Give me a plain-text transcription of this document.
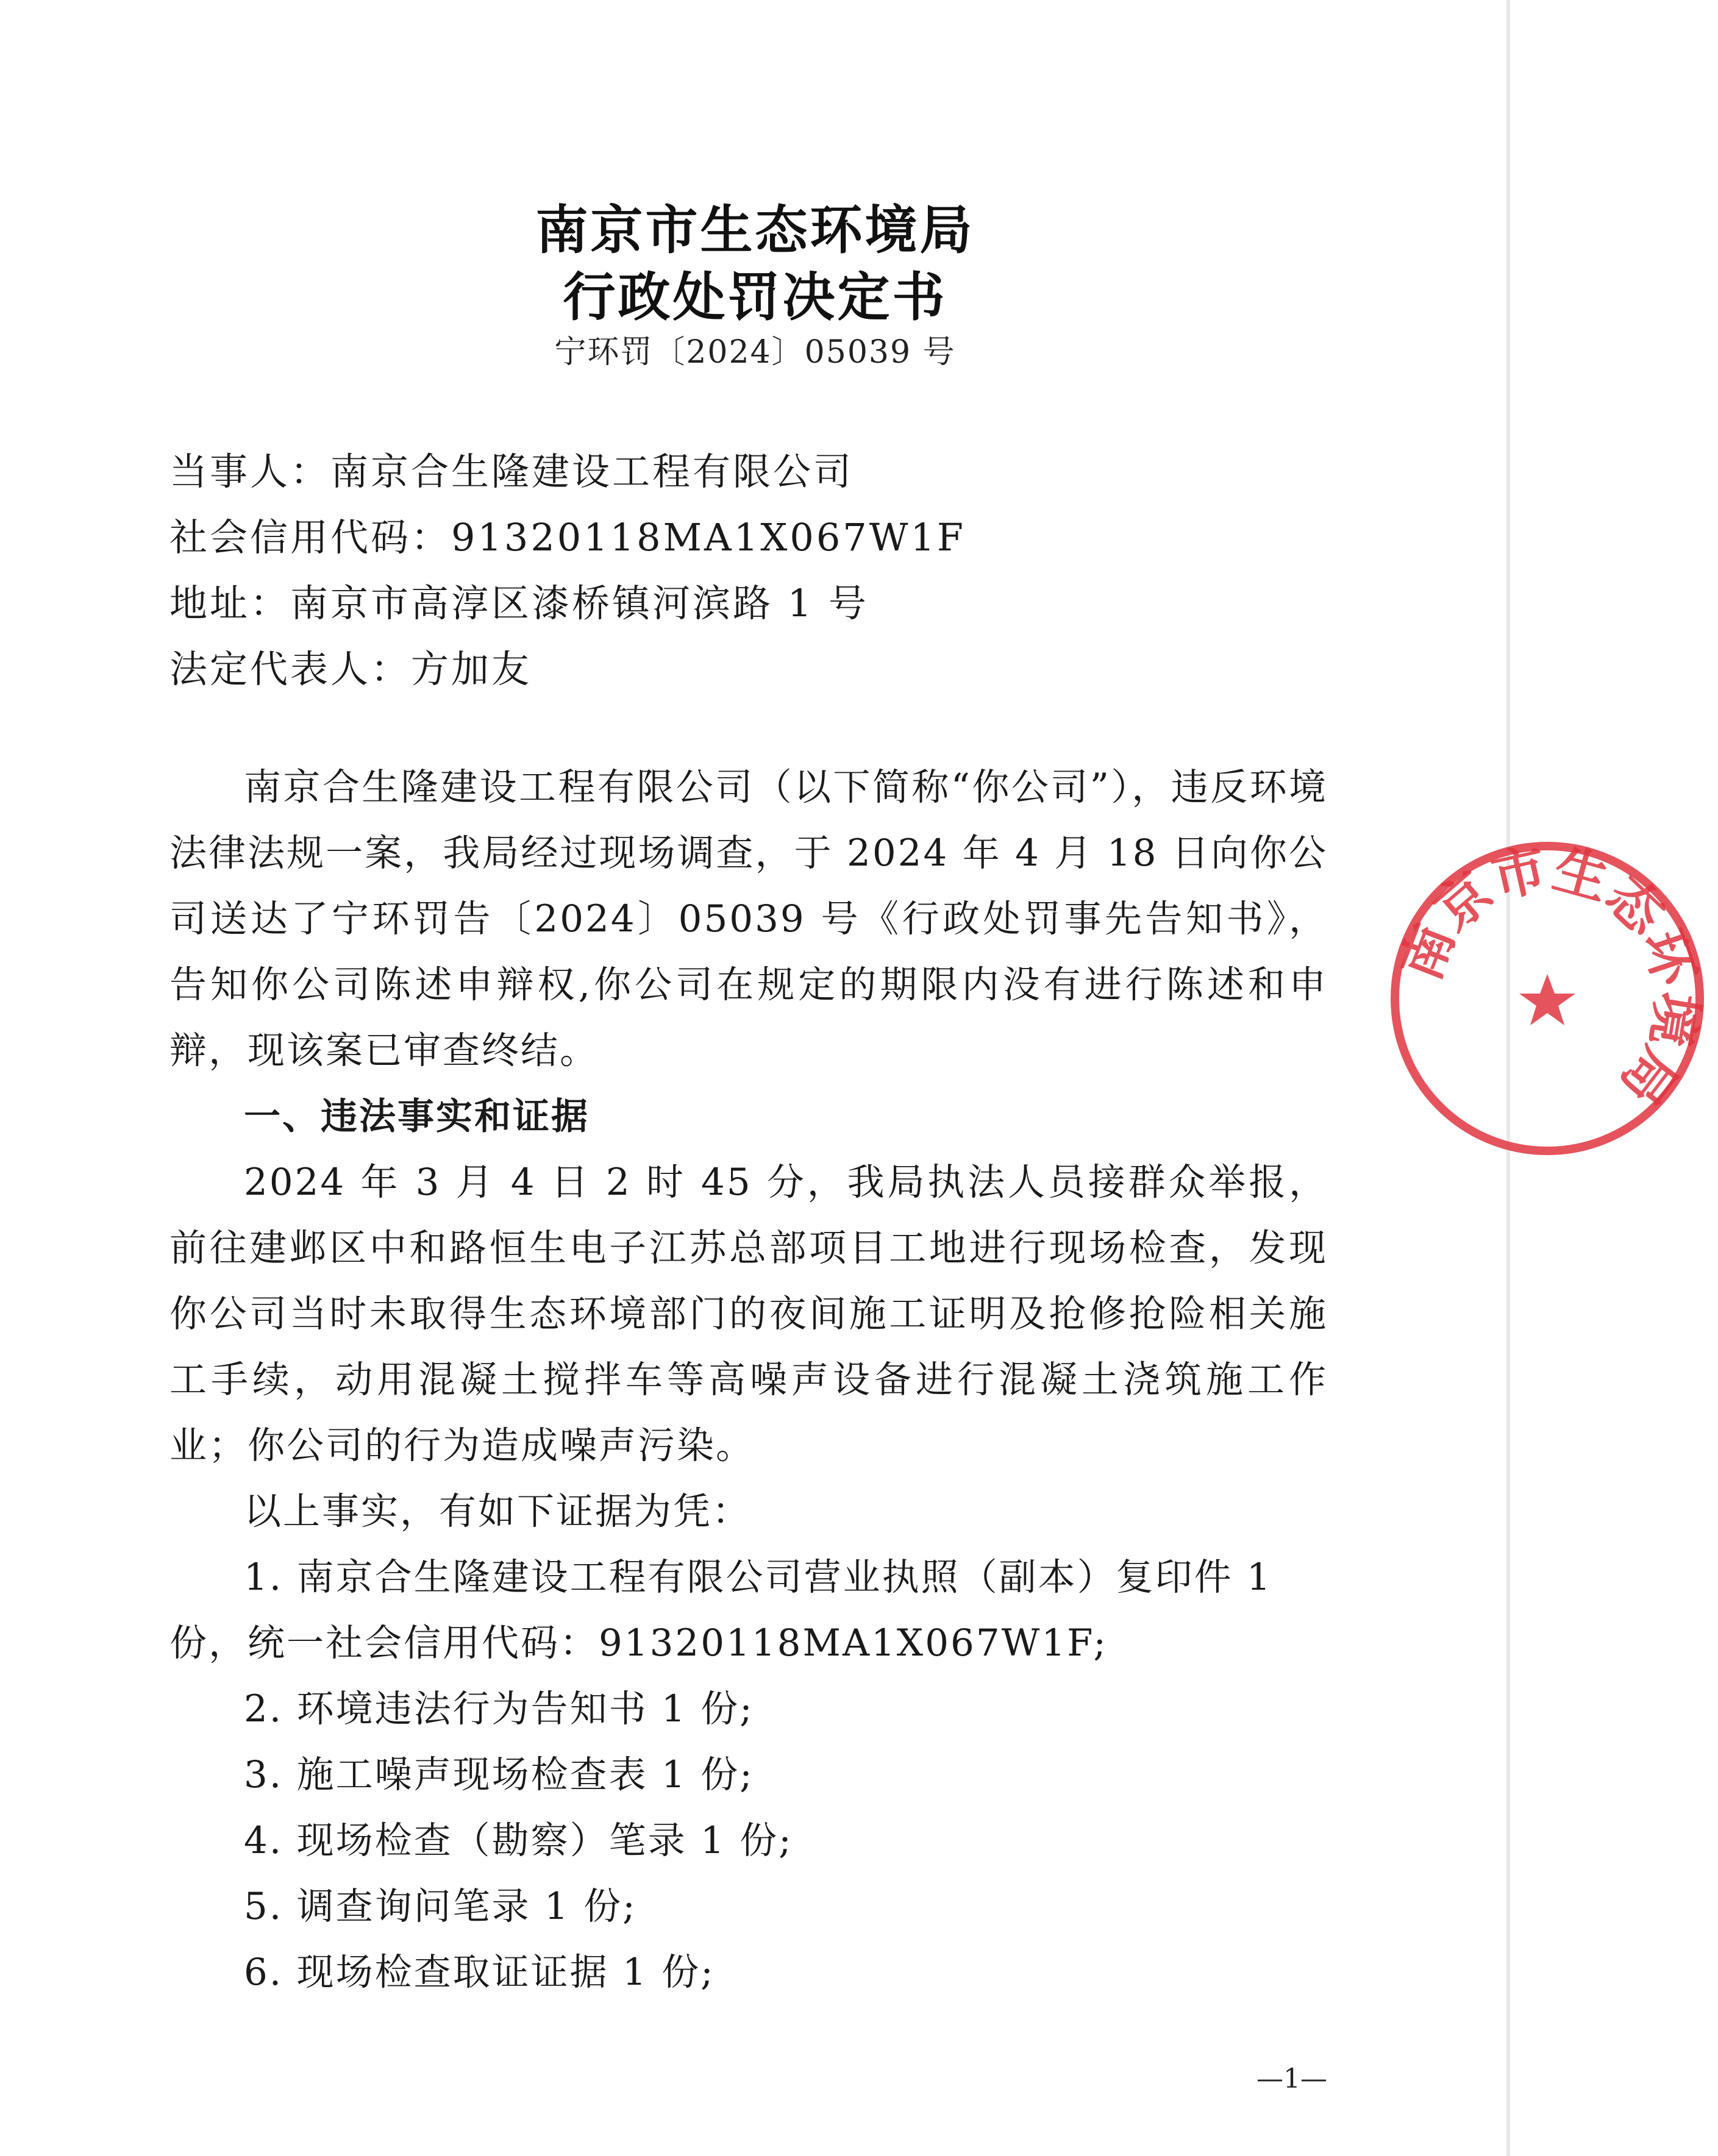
南京市生态环境局
行政处罚决定书
宁环罚〔2024〕05039 号
当事人：南京合生隆建设工程有限公司
社会信用代码：91320118MA1X067W1F
地址：南京市高淳区漆桥镇河滨路 1 号
法定代表人：方加友

南京合生隆建设工程有限公司（以下简称“你公司”），违反环境法律法规一案，我局经过现场调查，于 2024 年 4 月 18 日向你公司送达了宁环罚告〔2024〕05039 号《行政处罚事先告知书》，告知你公司陈述申辩权,你公司在规定的期限内没有进行陈述和申辩，现该案已审查终结。

一、违法事实和证据

2024 年 3 月 4 日 2 时 45 分，我局执法人员接群众举报，前往建邺区中和路恒生电子江苏总部项目工地进行现场检查，发现你公司当时未取得生态环境部门的夜间施工证明及抢修抢险相关施工手续，动用混凝土搅拌车等高噪声设备进行混凝土浇筑施工作业；你公司的行为造成噪声污染。

以上事实，有如下证据为凭：

1. 南京合生隆建设工程有限公司营业执照（副本）复印件 1 份，统一社会信用代码：91320118MA1X067W1F;

2. 环境违法行为告知书 1 份;

3. 施工噪声现场检查表 1 份;

4. 现场检查（勘察）笔录 1 份;

5. 调查询问笔录 1 份;

6. 现场检查取证证据 1 份;

南京市生态环境局
—1—
